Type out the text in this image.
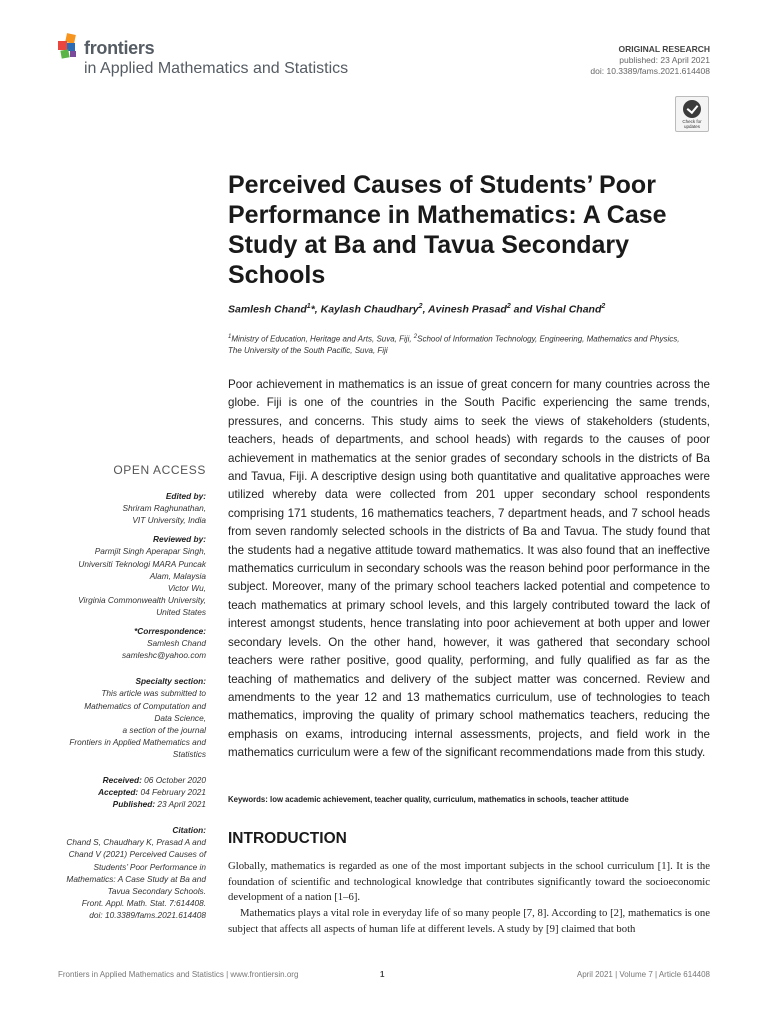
frontiers
in Applied Mathematics and Statistics
ORIGINAL RESEARCH
published: 23 April 2021
doi: 10.3389/fams.2021.614408
Check for
updates
Perceived Causes of Students’ Poor
Performance in Mathematics: A Case
Study at Ba and Tavua Secondary
Schools
Samlesh Chand$^1$*, Kaylash Chaudhary$^2$, Avinesh Prasad$^2$ and Vishal Chand$^2$
$^1$Ministry of Education, Heritage and Arts, Suva, Fiji, $^2$School of Information Technology, Engineering, Mathematics and Physics,
The University of the South Pacific, Suva, Fiji
Poor achievement in mathematics is an issue of great concern for many countries across the globe. Fiji is one of the countries in the South Pacific experiencing the same trends, pressures, and concerns. This study aims to seek the views of stakeholders (students, teachers, heads of departments, and school heads) with regards to the causes of poor achievement in mathematics at the senior grades of secondary schools in the districts of Ba and Tavua, Fiji. A descriptive design using both quantitative and qualitative approaches were utilized whereby data were collected from 201 upper secondary school respondents comprising 171 students, 16 mathematics teachers, 7 department heads, and 7 school heads from seven randomly selected schools in the districts of Ba and Tavua. The study found that the students had a negative attitude toward mathematics. It was also found that an ineffective mathematics curriculum in secondary schools was the reason behind poor performance in the subject. Moreover, many of the primary school teachers lacked potential and competence to teach mathematics at primary school levels, and this largely contributed toward the lack of interest amongst students, hence translating into poor achievement at both upper and lower secondary levels. On the other hand, however, it was gathered that secondary school teachers were rather positive, good quality, performing, and fully qualified as far as the teaching of mathematics and delivery of the subject matter was concerned. Review and amendments to the year 12 and 13 mathematics curriculum, use of technologies to teach mathematics, improving the quality of primary school mathematics teachers, reducing the emphasis on exams, introducing internal assessments, projects, and field work in the mathematics curriculum were a few of the significant recommendations made from this study.
Keywords: low academic achievement, teacher quality, curriculum, mathematics in schools, teacher attitude
INTRODUCTION

Globally, mathematics is regarded as one of the most important subjects in the school curriculum [1]. It is the foundation of scientific and technological knowledge that contributes significantly toward the socioeconomic development of a nation [1–6].

Mathematics plays a vital role in everyday life of so many people [7, 8]. According to [2], mathematics is one subject that affects all aspects of human life at different levels. A study by [9] claimed that both

OPEN ACCESS
Edited by:
Shriram Raghunathan,
VIT University, India
Reviewed by:
Parmjit Singh Aperapar Singh,
Universiti Teknologi MARA Puncak
Alam, Malaysia
Victor Wu,
Virginia Commonwealth University,
United States
*Correspondence:
Samlesh Chand
samleshc@yahoo.com
Specialty section:
This article was submitted to
Mathematics of Computation and
Data Science,
a section of the journal
Frontiers in Applied Mathematics and
Statistics
Received: 06 October 2020
Accepted: 04 February 2021
Published: 23 April 2021
Citation:
Chand S, Chaudhary K, Prasad A and
Chand V (2021) Perceived Causes of
Students’ Poor Performance in
Mathematics: A Case Study at Ba and
Tavua Secondary Schools.
Front. Appl. Math. Stat. 7:614408.
doi: 10.3389/fams.2021.614408
Frontiers in Applied Mathematics and Statistics | www.frontiersin.org	1	April 2021 | Volume 7 | Article 614408
